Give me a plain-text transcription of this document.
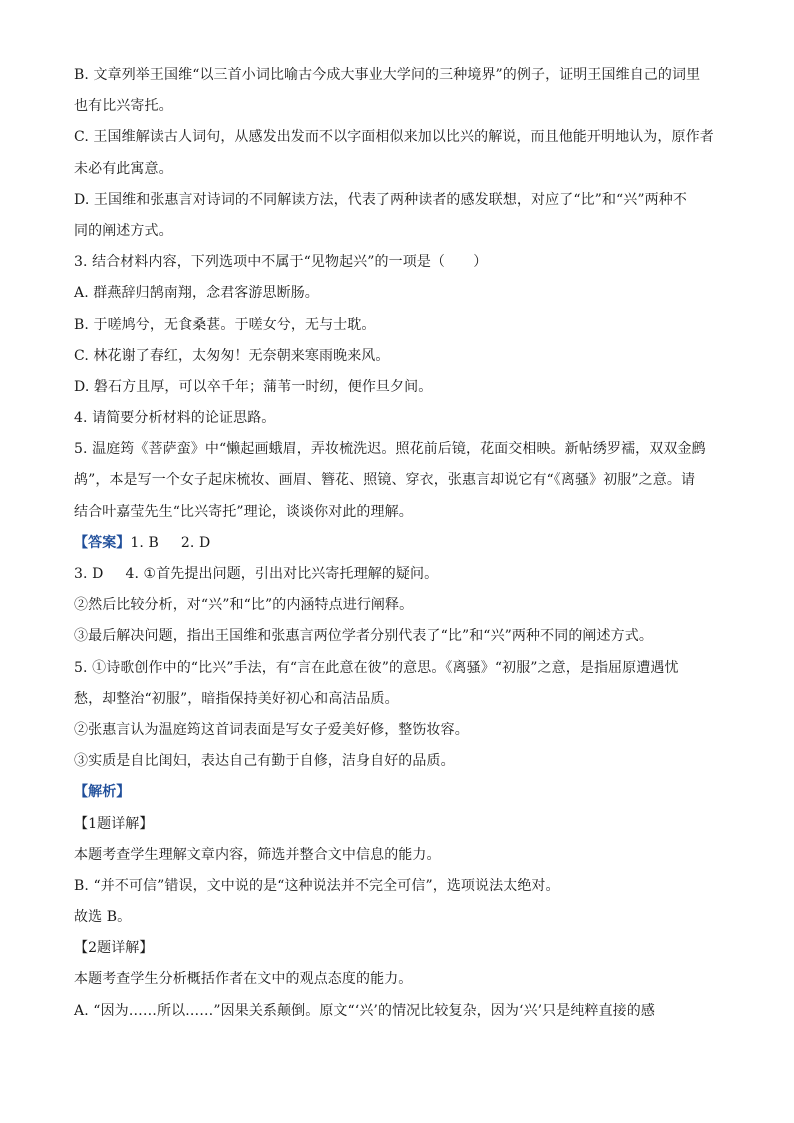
B. 文章列举王国维“以三首小词比喻古今成大事业大学问的三种境界”的例子，证明王国维自己的词里
也有比兴寄托。
C. 王国维解读古人词句，从感发出发而不以字面相似来加以比兴的解说，而且他能开明地认为，原作者
未必有此寓意。
D. 王国维和张惠言对诗词的不同解读方法，代表了两种读者的感发联想，对应了“比”和“兴”两种不
同的阐述方式。
3. 结合材料内容，下列选项中不属于“见物起兴”的一项是（　　）
A. 群燕辞归鹄南翔，念君客游思断肠。
B. 于嗟鸠兮，无食桑葚。于嗟女兮，无与士耽。
C. 林花谢了春红，太匆匆！无奈朝来寒雨晚来风。
D. 磐石方且厚，可以卒千年；蒲苇一时纫，便作旦夕间。
4. 请简要分析材料的论证思路。
5. 温庭筠《菩萨蛮》中“懒起画蛾眉，弄妆梳洗迟。照花前后镜，花面交相映。新帖绣罗襦，双双金鹧
鸪”，本是写一个女子起床梳妆、画眉、簪花、照镜、穿衣，张惠言却说它有“《离骚》初服”之意。请
结合叶嘉莹先生“比兴寄托”理论，谈谈你对此的理解。
【答案】1. B 2. D
3. D 4. ①首先提出问题，引出对比兴寄托理解的疑问。
②然后比较分析，对“兴”和“比”的内涵特点进行阐释。
③最后解决问题，指出王国维和张惠言两位学者分别代表了“比”和“兴”两种不同的阐述方式。
5. ①诗歌创作中的“比兴”手法，有“言在此意在彼”的意思。《离骚》“初服”之意，是指屈原遭遇忧
愁，却整治“初服”，暗指保持美好初心和高洁品质。
②张惠言认为温庭筠这首词表面是写女子爱美好修，整饬妆容。
③实质是自比闺妇，表达自己有勤于自修，洁身自好的品质。
【解析】
【1题详解】
本题考查学生理解文章内容，筛选并整合文中信息的能力。
B. “并不可信”错误，文中说的是“这种说法并不完全可信”，选项说法太绝对。
故选 B。
【2题详解】
本题考查学生分析概括作者在文中的观点态度的能力。
A. “因为……所以……”因果关系颠倒。原文“‘兴’的情况比较复杂，因为‘兴’只是纯粹直接的感
